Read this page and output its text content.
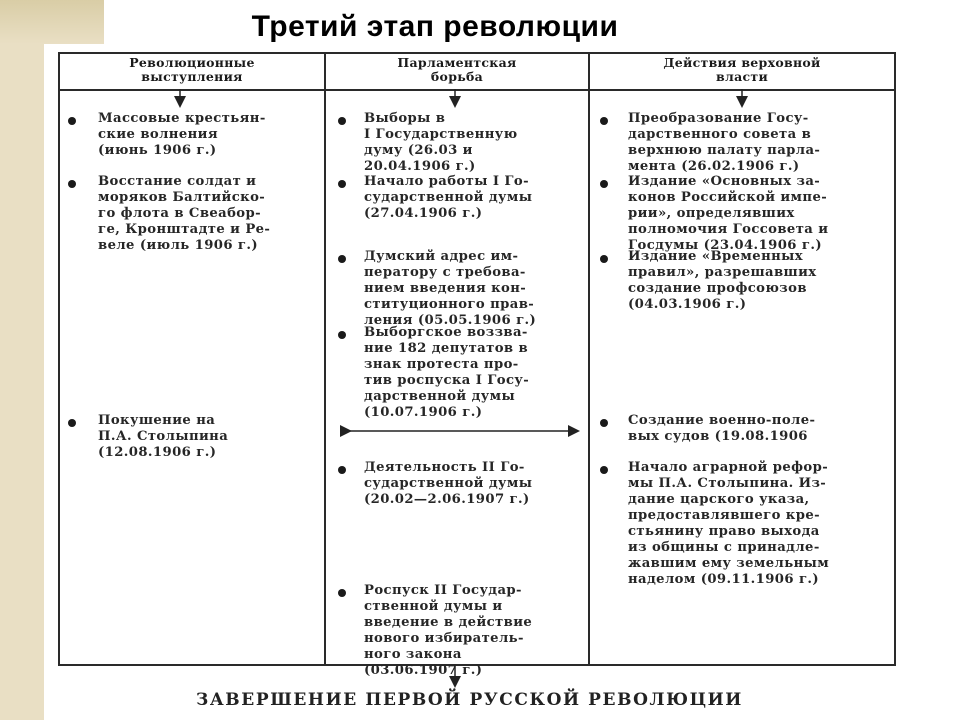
Третий этап революции
Революционные
выступления
Парламентская
борьба
Действия верховной
власти
Массовые крестьян-
ские волнения
(июнь 1906 г.)
Восстание солдат и
моряков Балтийско-
го флота в Свеабор-
ге, Кронштадте и Ре-
веле (июль 1906 г.)
Покушение на
П.А. Столыпина
(12.08.1906 г.)
Выборы в
I Государственную
думу (26.03 и
20.04.1906 г.)
Начало работы I Го-
сударственной думы
(27.04.1906 г.)
Думский адрес им-
ператору с требова-
нием введения кон-
ституционного прав-
ления (05.05.1906 г.)
Выборгское воззва-
ние 182 депутатов в
знак протеста про-
тив роспуска I Госу-
дарственной думы
(10.07.1906 г.)
Деятельность II Го-
сударственной думы
(20.02—2.06.1907 г.)
Роспуск II Государ-
ственной думы и
введение в действие
нового избиратель-
ного закона
(03.06.1907 г.)
Преобразование Госу-
дарственного совета в
верхнюю палату парла-
мента (26.02.1906 г.)
Издание «Основных за-
конов Российской импе-
рии», определявших
полномочия Госсовета и
Госдумы (23.04.1906 г.)
Издание «Временных
правил», разрешавших
создание профсоюзов
(04.03.1906 г.)
Создание военно-поле-
вых судов (19.08.1906
Начало аграрной рефор-
мы П.А. Столыпина. Из-
дание царского указа,
предоставлявшего кре-
стьянину право выхода
из общины с принадле-
жавшим ему земельным
наделом (09.11.1906 г.)
ЗАВЕРШЕНИЕ ПЕРВОЙ РУССКОЙ РЕВОЛЮЦИИ
